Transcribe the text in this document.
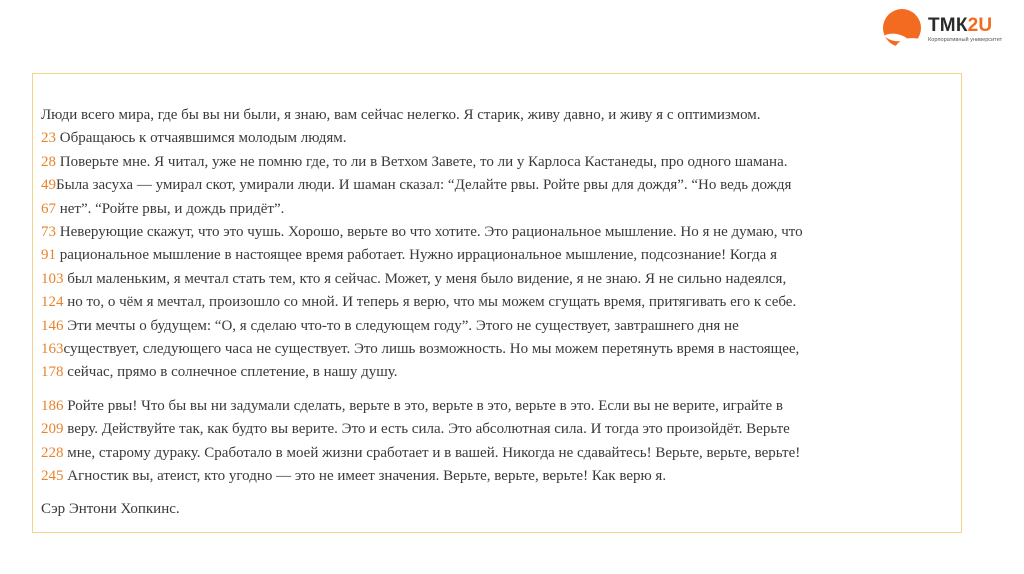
ТМК2U
Корпоративный университет
Люди всего мира, где бы вы ни были, я знаю, вам сейчас нелегко. Я старик, живу давно, и живу я с оптимизмом.
23 Обращаюсь к отчаявшимся молодым людям.
28 Поверьте мне. Я читал, уже не помню где, то ли в Ветхом Завете, то ли у Карлоса Кастанеды, про одного шамана.
49Была засуха — умирал скот, умирали люди. И шаман сказал: “Делайте рвы. Ройте рвы для дождя”. “Но ведь дождя
67 нет”. “Ройте рвы, и дождь придёт”.
73 Неверующие скажут, что это чушь. Хорошо, верьте во что хотите. Это рациональное мышление. Но я не думаю, что
91 рациональное мышление в настоящее время работает. Нужно иррациональное мышление, подсознание! Когда я
103 был маленьким, я мечтал стать тем, кто я сейчас. Может, у меня было видение, я не знаю. Я не сильно надеялся,
124 но то, о чём я мечтал, произошло со мной. И теперь я верю, что мы можем сгущать время, притягивать его к себе.
146 Эти мечты о будущем: “О, я сделаю что-то в следующем году”. Этого не существует, завтрашнего дня не
163существует, следующего часа не существует. Это лишь возможность. Но мы можем перетянуть время в настоящее,
178 сейчас, прямо в солнечное сплетение, в нашу душу.
186 Ройте рвы! Что бы вы ни задумали сделать, верьте в это, верьте в это, верьте в это. Если вы не верите, играйте в
209 веру. Действуйте так, как будто вы верите. Это и есть сила. Это абсолютная сила. И тогда это произойдёт. Верьте
228 мне, старому дураку. Сработало в моей жизни сработает и в вашей. Никогда не сдавайтесь! Верьте, верьте, верьте!
245 Агностик вы, атеист, кто угодно — это не имеет значения. Верьте, верьте, верьте! Как верю я.
Сэр Энтони Хопкинс.
